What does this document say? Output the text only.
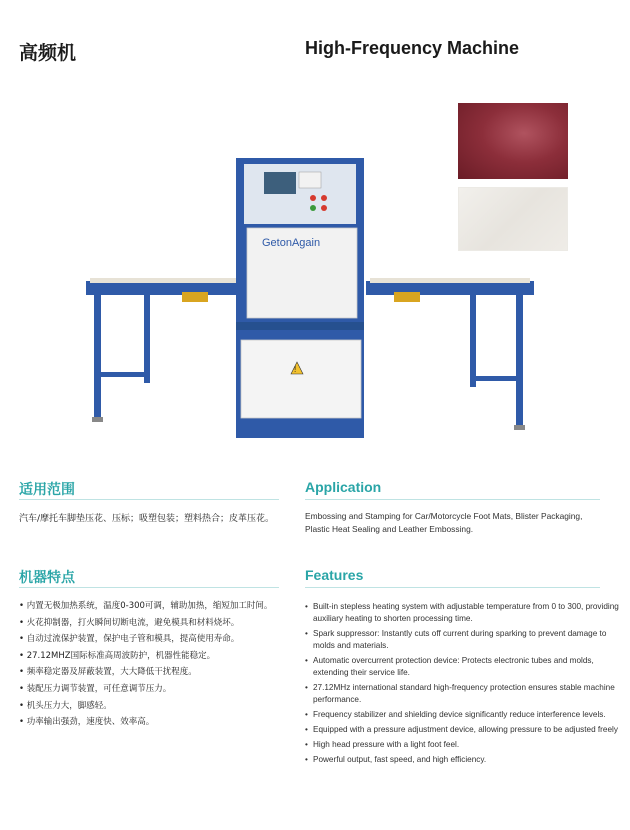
高频机	High-Frequency Machine
GetonAgain
!
适用范围	Application
汽车/摩托车脚垫压花、压标；吸塑包装；塑料热合；皮革压花。	Embossing and Stamping for Car/Motorcycle Foot Mats, Blister Packaging, Plastic Heat Sealing and Leather Embossing.
机器特点	Features
• 内置无极加热系统，温度0-300可调，辅助加热，缩短加工时间。
• 火花抑制器，打火瞬间切断电流，避免模具和材料烧坏。
• 自动过流保护装置，保护电子管和模具，提高使用寿命。
• 27.12MHZ国际标准高周波防护，机器性能稳定。
• 频率稳定器及屏蔽装置，大大降低干扰程度。
• 装配压力调节装置，可任意调节压力。
• 机头压力大，脚感轻。
• 功率输出强劲，速度快、效率高。
• Built-in stepless heating system with adjustable temperature from 0 to 300, providing auxiliary heating to shorten processing time.
• Spark suppressor: Instantly cuts off current during sparking to prevent damage to molds and materials.
• Automatic overcurrent protection device: Protects electronic tubes and molds, extending their service life.
• 27.12MHz international standard high-frequency protection ensures stable machine performance.
• Frequency stabilizer and shielding device significantly reduce interference levels.
• Equipped with a pressure adjustment device, allowing pressure to be adjusted freely
• High head pressure with a light foot feel.
• Powerful output, fast speed, and high efficiency.
